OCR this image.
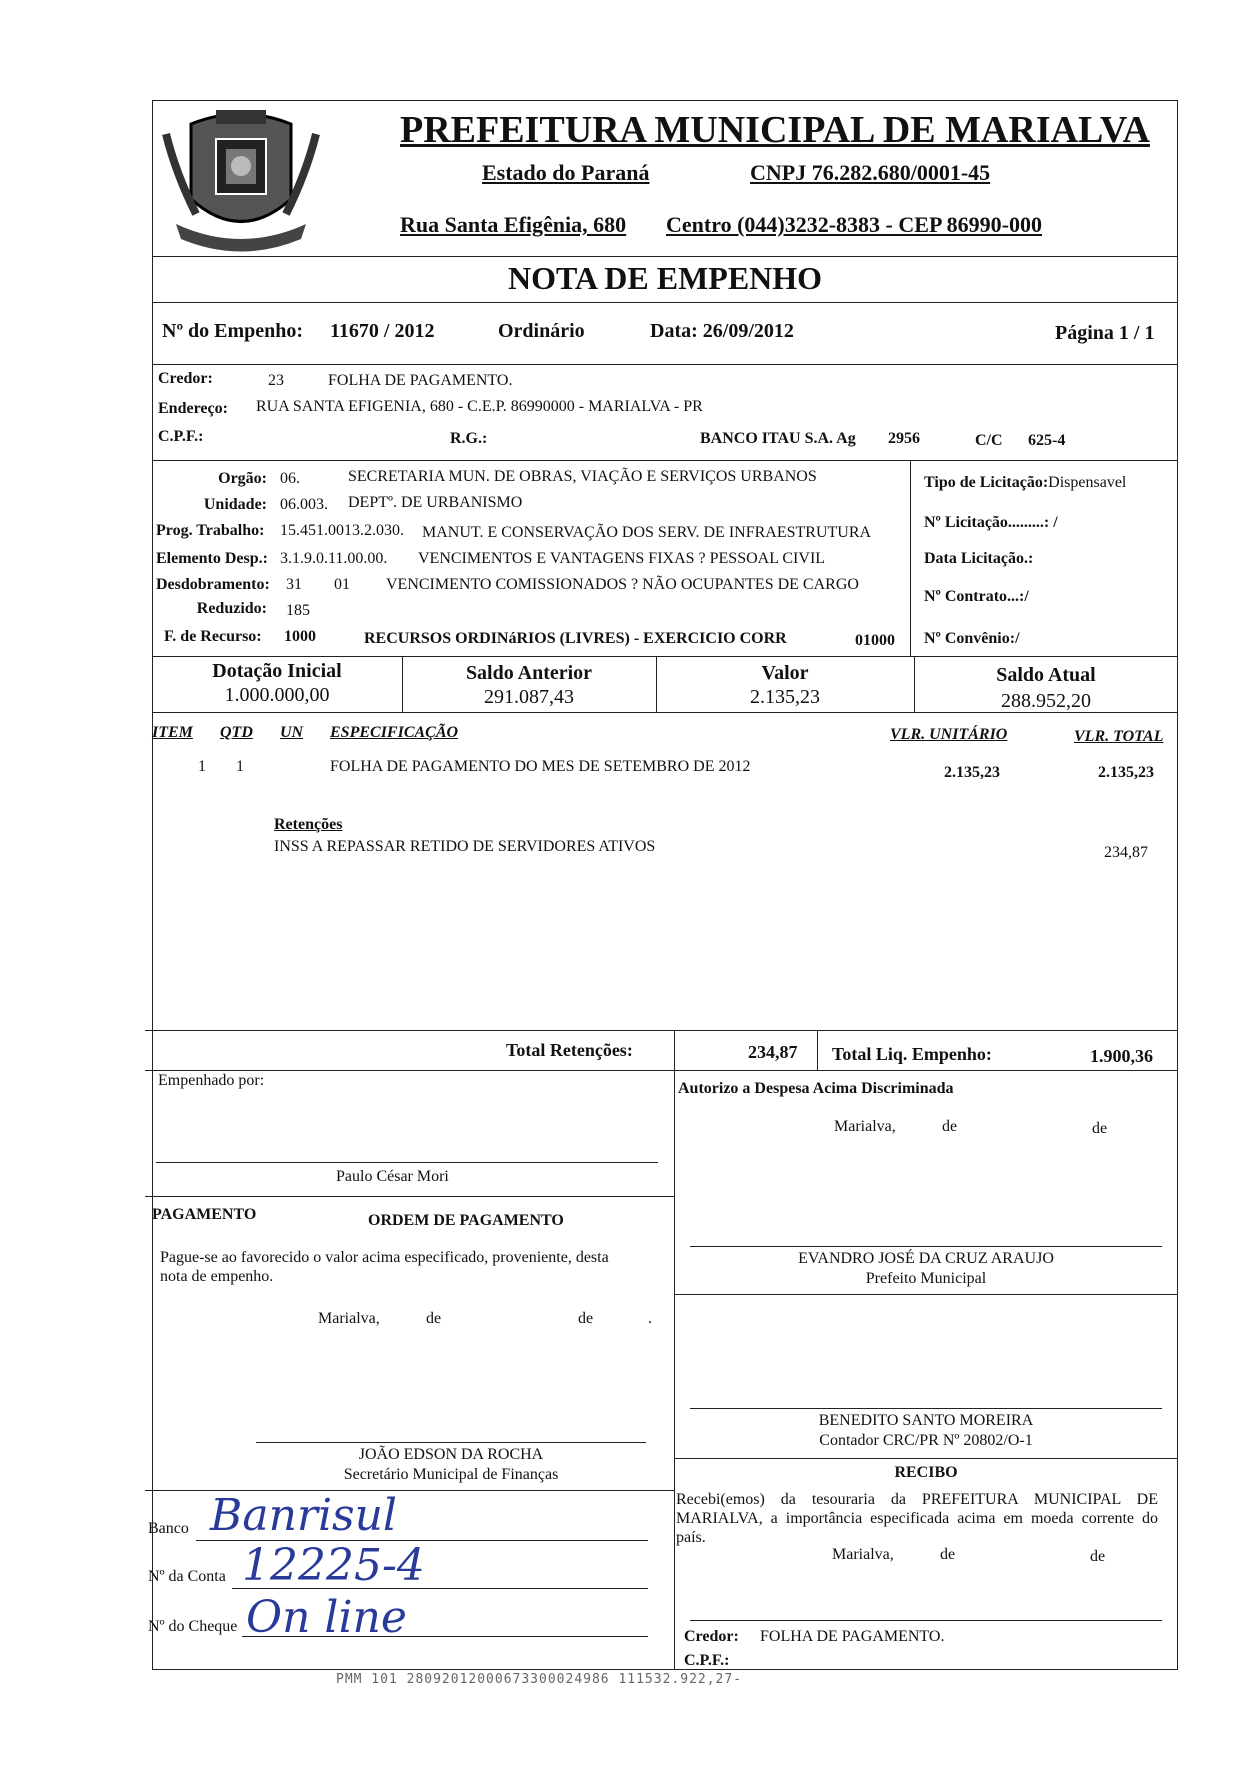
PREFEITURA MUNICIPAL DE MARIALVA
Estado do Paraná	CNPJ 76.282.680/0001-45
Rua Santa Efigênia, 680 Centro (044)3232-8383 - CEP 86990-000
NOTA DE EMPENHO
Nº do Empenho: 11670 / 2012	Ordinário	Data: 26/09/2012	Página 1 / 1
Credor:	23	FOLHA DE PAGAMENTO.
Endereço: RUA SANTA EFIGENIA, 680 - C.E.P. 86990000 - MARIALVA - PR
C.P.F.:	R.G.:	BANCO ITAU S.A. Ag 2956	C/C 625-4
Orgão: 06.	SECRETARIA MUN. DE OBRAS, VIAÇÃO E SERVIÇOS URBANOS
Unidade: 06.003. DEPTº. DE URBANISMO
Prog. Trabalho: 15.451.0013.2.030. MANUT. E CONSERVAÇÃO DOS SERV. DE INFRAESTRUTURA
Elemento Desp.: 3.1.9.0.11.00.00. VENCIMENTOS E VANTAGENS FIXAS ? PESSOAL CIVIL
Desdobramento: 31 01 VENCIMENTO COMISSIONADOS ? NÃO OCUPANTES DE CARGO
Reduzido: 185
F. de Recurso: 1000	RECURSOS ORDINáRIOS (LIVRES) - EXERCICIO CORR	01000
Tipo de Licitação:Dispensavel
Nº Licitação.........: /
Data Licitação.:
Nº Contrato...:/
Nº Convênio:/
Dotação Inicial
1.000.000,00
Saldo Anterior
291.087,43
Valor
2.135,23
Saldo Atual
288.952,20
ITEM QTD UN ESPECIFICAÇÃO	VLR. UNITÁRIO	VLR. TOTAL
1 1	FOLHA DE PAGAMENTO DO MES DE SETEMBRO DE 2012	2.135,23	2.135,23
Retenções
INSS A REPASSAR RETIDO DE SERVIDORES ATIVOS	234,87
Total Retenções:	234,87 Total Liq. Empenho:	1.900,36
Empenhado por:
Paulo César Mori
PAGAMENTO	ORDEM DE PAGAMENTO
Pague-se ao favorecido o valor acima especificado, proveniente, desta nota de empenho.
Marialva,	de	de	.
JOÃO EDSON DA ROCHA
Secretário Municipal de Finanças
Banco Banrisul
Nº da Conta 12225-4
Nº do Cheque On line
Autorizo a Despesa Acima Discriminada
Marialva,	de	de
EVANDRO JOSÉ DA CRUZ ARAUJO
Prefeito Municipal
BENEDITO SANTO MOREIRA
Contador CRC/PR Nº 20802/O-1
RECIBO
Recebi(emos) da tesouraria da PREFEITURA MUNICIPAL DE MARIALVA, a importância especificada acima em moeda corrente do país.
Marialva,	de	de
Credor: FOLHA DE PAGAMENTO.
C.P.F.:
PMM 101 28092012000673300024986 111532.922,27-
